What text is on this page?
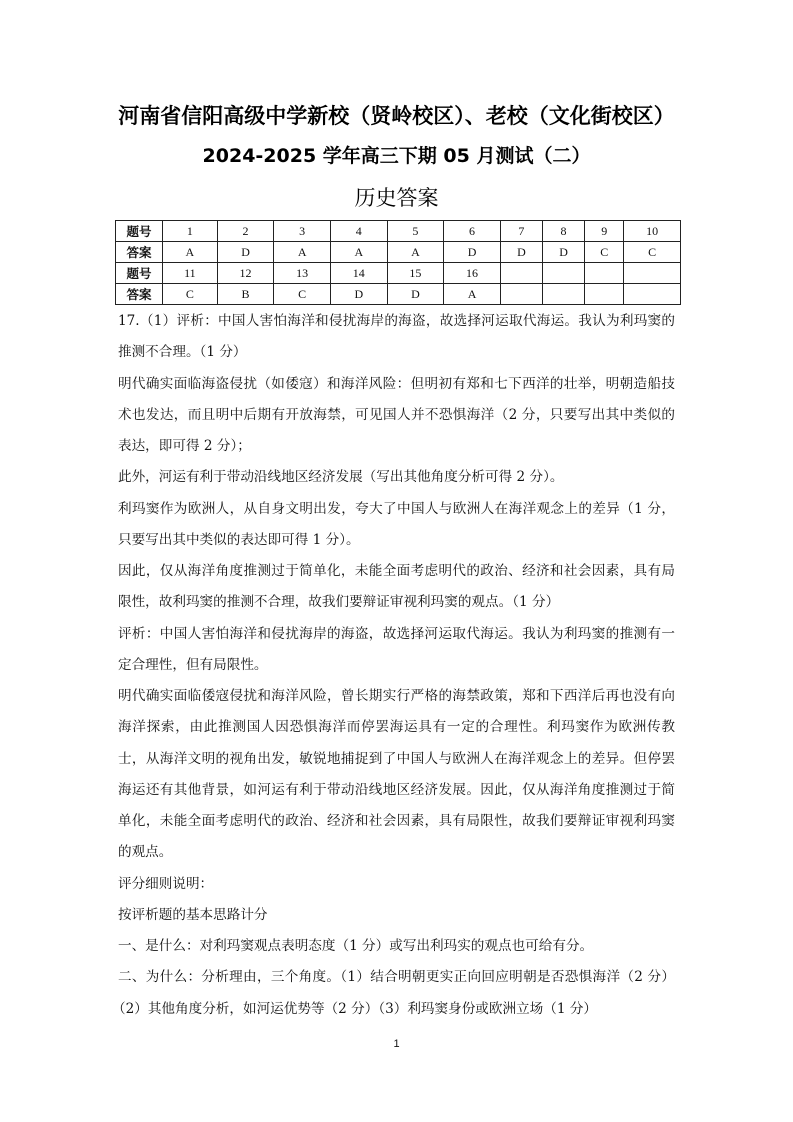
河南省信阳高级中学新校（贤岭校区）、老校（文化街校区）
2024-2025 学年高三下期 05 月测试（二）
历史答案
题号	1	2	3	4	5	6	7	8	9	10
答案	A	D	A	A	A	D	D	D	C	C
题号	11	12	13	14	15	16				
答案	C	B	C	D	D	A				
17.（1）评析：中国人害怕海洋和侵扰海岸的海盗，故选择河运取代海运。我认为利玛窦的
推测不合理。（1 分）
明代确实面临海盗侵扰（如倭寇）和海洋风险：但明初有郑和七下西洋的壮举，明朝造船技
术也发达，而且明中后期有开放海禁，可见国人并不恐惧海洋（2 分，只要写出其中类似的
表达，即可得 2 分）；
此外，河运有利于带动沿线地区经济发展（写出其他角度分析可得 2 分）。
利玛窦作为欧洲人，从自身文明出发，夸大了中国人与欧洲人在海洋观念上的差异（1 分，
只要写出其中类似的表达即可得 1 分）。
因此，仅从海洋角度推测过于简单化，未能全面考虑明代的政治、经济和社会因素，具有局
限性，故利玛窦的推测不合理，故我们要辩证审视利玛窦的观点。（1 分）
评析：中国人害怕海洋和侵扰海岸的海盗，故选择河运取代海运。我认为利玛窦的推测有一
定合理性，但有局限性。
明代确实面临倭寇侵扰和海洋风险，曾长期实行严格的海禁政策，郑和下西洋后再也没有向
海洋探索，由此推测国人因恐惧海洋而停罢海运具有一定的合理性。利玛窦作为欧洲传教
士，从海洋文明的视角出发，敏锐地捕捉到了中国人与欧洲人在海洋观念上的差异。但停罢
海运还有其他背景，如河运有利于带动沿线地区经济发展。因此，仅从海洋角度推测过于简
单化，未能全面考虑明代的政治、经济和社会因素，具有局限性，故我们要辩证审视利玛窦
的观点。
评分细则说明：
按评析题的基本思路计分
一、是什么：对利玛窦观点表明态度（1 分）或写出利玛实的观点也可给有分。
二、为什么：分析理由，三个角度。（1）结合明朝更实正向回应明朝是否恐惧海洋（2 分）
（2）其他角度分析，如河运优势等（2 分）（3）利玛窦身份或欧洲立场（1 分）
1
